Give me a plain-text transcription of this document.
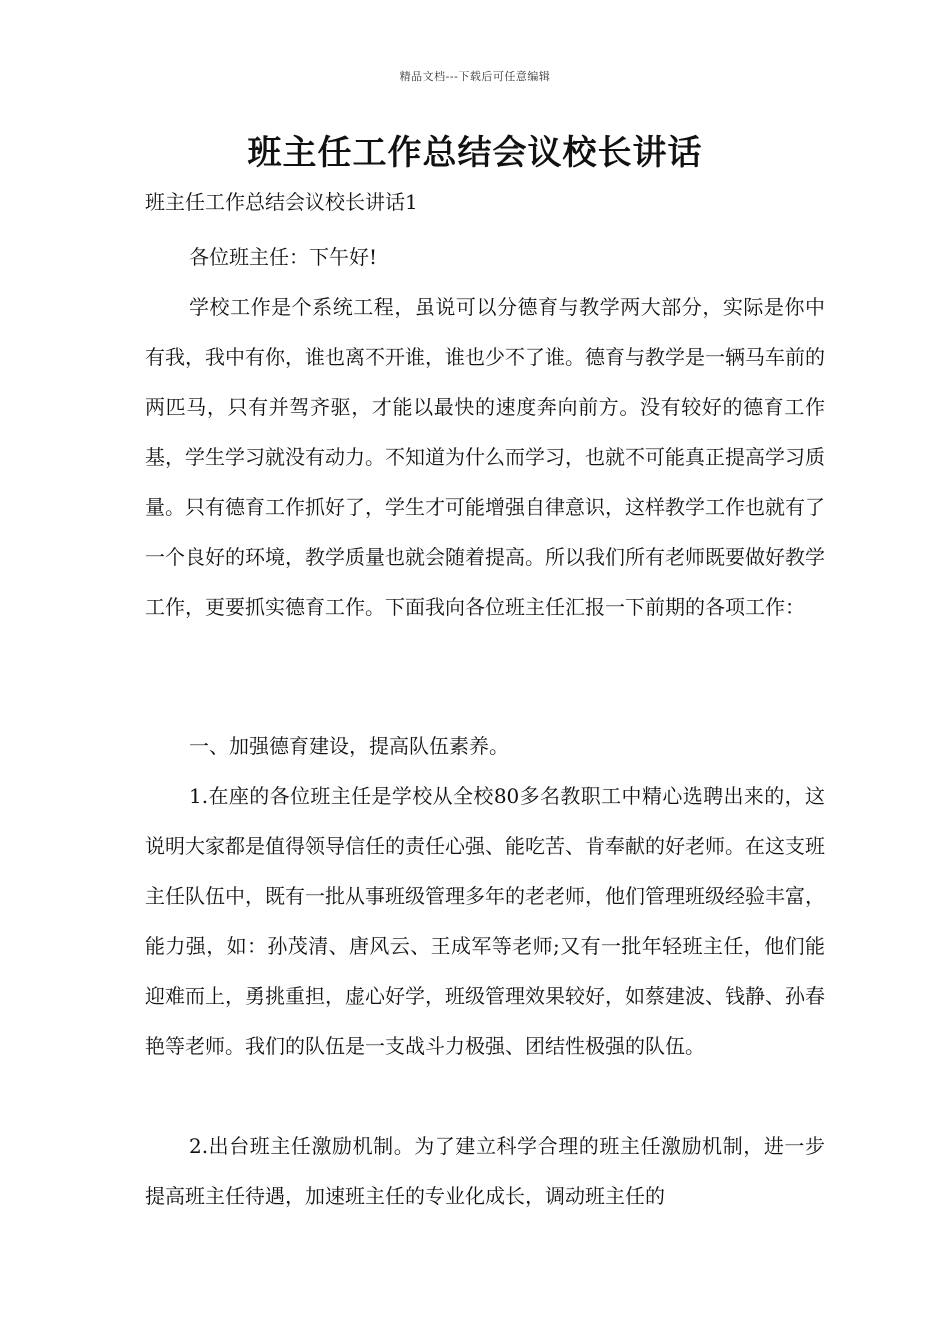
精品文档---下载后可任意编辑
班主任工作总结会议校长讲话
班主任工作总结会议校长讲话1

各位班主任：下午好!

学校工作是个系统工程，虽说可以分德育与教学两大部分，实际是你中有我，我中有你，谁也离不开谁，谁也少不了谁。德育与教学是一辆马车前的两匹马，只有并驾齐驱，才能以最快的速度奔向前方。没有较好的德育工作基，学生学习就没有动力。不知道为什么而学习，也就不可能真正提高学习质量。只有德育工作抓好了，学生才可能增强自律意识，这样教学工作也就有了一个良好的环境，教学质量也就会随着提高。所以我们所有老师既要做好教学工作，更要抓实德育工作。下面我向各位班主任汇报一下前期的各项工作：

一、加强德育建设，提高队伍素养。

1.在座的各位班主任是学校从全校80多名教职工中精心选聘出来的，这说明大家都是值得领导信任的责任心强、能吃苦、肯奉献的好老师。在这支班主任队伍中，既有一批从事班级管理多年的老老师，他们管理班级经验丰富，能力强，如：孙茂清、唐风云、王成军等老师;又有一批年轻班主任，他们能迎难而上，勇挑重担，虚心好学，班级管理效果较好，如蔡建波、钱静、孙春艳等老师。我们的队伍是一支战斗力极强、团结性极强的队伍。

2.出台班主任激励机制。为了建立科学合理的班主任激励机制，进一步提高班主任待遇，加速班主任的专业化成长，调动班主任的
